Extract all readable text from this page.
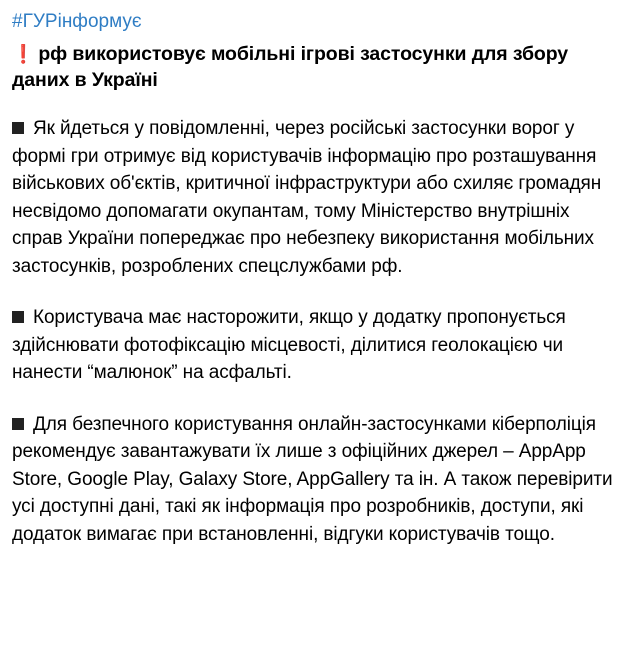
#ГУРінформує
❗ рф використовує мобільні ігрові застосунки для збору даних в Україні
Як йдеться у повідомленні, через російські застосунки ворог у формі гри отримує від користувачів інформацію про розташування військових об'єктів, критичної інфраструктури або схиляє громадян несвідомо допомагати окупантам, тому Міністерство внутрішніх справ України попереджає про небезпеку використання мобільних застосунків, розроблених спецслужбами рф.
Користувача має насторожити, якщо у додатку пропонується здійснювати фотофіксацію місцевості, ділитися геолокацією чи нанести “малюнок” на асфальті.
Для безпечного користування онлайн-застосунками кіберполіція рекомендує завантажувати їх лише з офіційних джерел – AppApp Store, Google Play, Galaxy Store, AppGallery та ін. А також перевірити усі доступні дані, такі як інформація про розробників, доступи, які додаток вимагає при встановленні, відгуки користувачів тощо.
